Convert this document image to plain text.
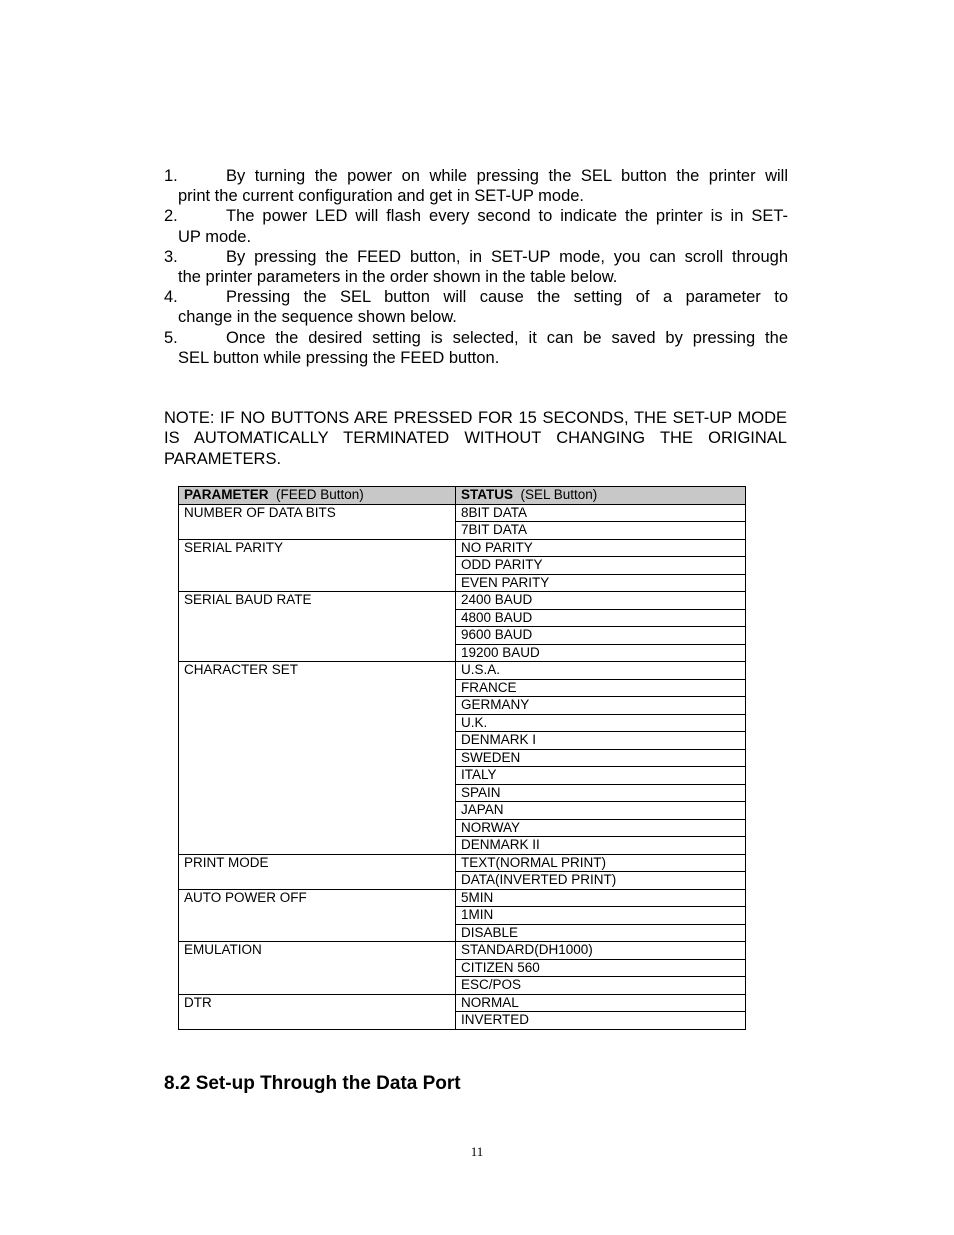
1.	By turning the power on while pressing the SEL button the printer will
print the current configuration and get in SET-UP mode.
2.	The power LED will flash every second to indicate the printer is in SET-
UP mode.
3.	By pressing the FEED button, in SET-UP mode, you can scroll through
the printer parameters in the order shown in the table below.
4.	Pressing the SEL button will cause the setting of a parameter to
change in the sequence shown below.
5.	Once the desired setting is selected, it can be saved by pressing the
SEL button while pressing the FEED button.
NOTE: IF NO BUTTONS ARE PRESSED FOR 15 SECONDS, THE SET-UP MODE IS AUTOMATICALLY TERMINATED WITHOUT CHANGING THE ORIGINAL PARAMETERS.
PARAMETER (FEED Button)	STATUS (SEL Button)
NUMBER OF DATA BITS	8BIT DATA
	7BIT DATA
SERIAL PARITY	NO PARITY
	ODD PARITY
	EVEN PARITY
SERIAL BAUD RATE	2400 BAUD
	4800 BAUD
	9600 BAUD
	19200 BAUD
CHARACTER SET	U.S.A.
	FRANCE
	GERMANY
	U.K.
	DENMARK I
	SWEDEN
	ITALY
	SPAIN
	JAPAN
	NORWAY
	DENMARK II
PRINT MODE	TEXT(NORMAL PRINT)
	DATA(INVERTED PRINT)
AUTO POWER OFF	5MIN
	1MIN
	DISABLE
EMULATION	STANDARD(DH1000)
	CITIZEN 560
	ESC/POS
DTR	NORMAL
	INVERTED
8.2 Set-up Through the Data Port
11
